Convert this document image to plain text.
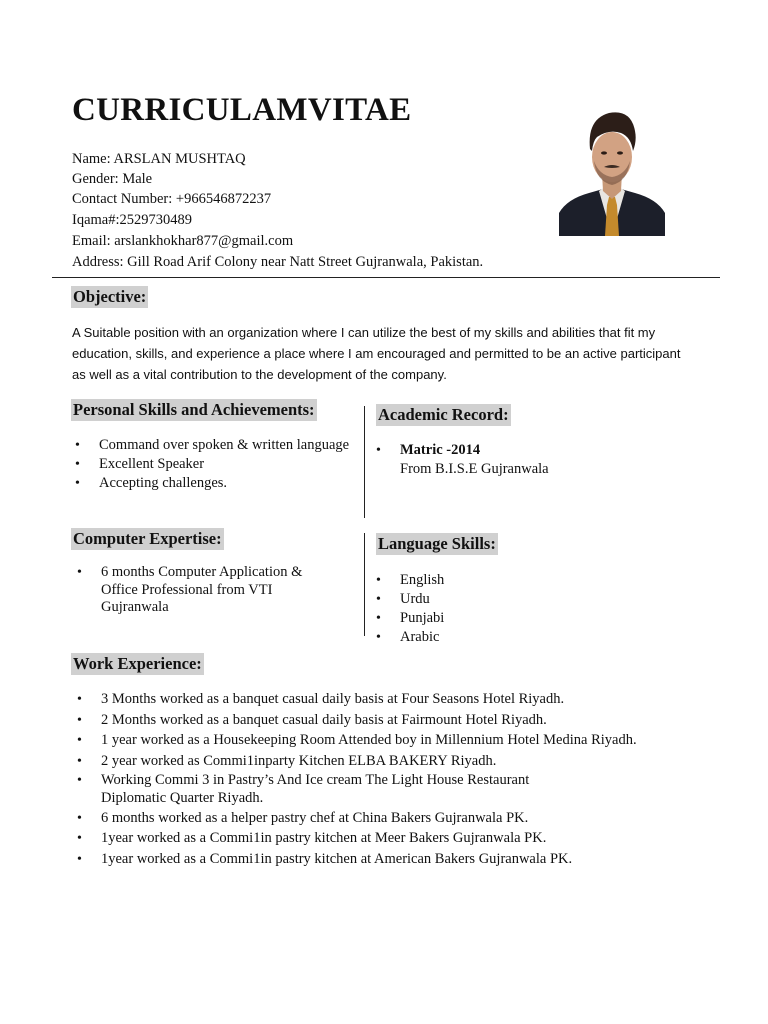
CURRICULAMVITAE
Name: ARSLAN MUSHTAQ
Gender: Male
Contact Number: +966546872237
Iqama#:2529730489
Email: arslankhokhar877@gmail.com
Address: Gill Road Arif Colony near Natt Street Gujranwala, Pakistan.
Objective:
A Suitable position with an organization where I can utilize the best of my skills and abilities that fit my education, skills, and experience a place where I am encouraged and permitted to be an active participant as well as a vital contribution to the development of the company.
Personal Skills and Achievements:
• Command over spoken & written language
• Excellent Speaker
• Accepting challenges.
Academic Record:
• Matric -2014
From B.I.S.E Gujranwala
Computer Expertise:
• 6 months Computer Application & Office Professional from VTI Gujranwala
Language Skills:
• English
• Urdu
• Punjabi
• Arabic
Work Experience:
• 3 Months worked as a banquet casual daily basis at Four Seasons Hotel Riyadh.
• 2 Months worked as a banquet casual daily basis at Fairmount Hotel Riyadh.
• 1 year worked as a Housekeeping Room Attended boy in Millennium Hotel Medina Riyadh.
• 2 year worked as Commi1inparty Kitchen ELBA BAKERY Riyadh.
• Working Commi 3 in Pastry’s And Ice cream The Light House Restaurant Diplomatic Quarter Riyadh.
• 6 months worked as a helper pastry chef at China Bakers Gujranwala PK.
• 1year worked as a Commi1in pastry kitchen at Meer Bakers Gujranwala PK.
• 1year worked as a Commi1in pastry kitchen at American Bakers Gujranwala PK.
